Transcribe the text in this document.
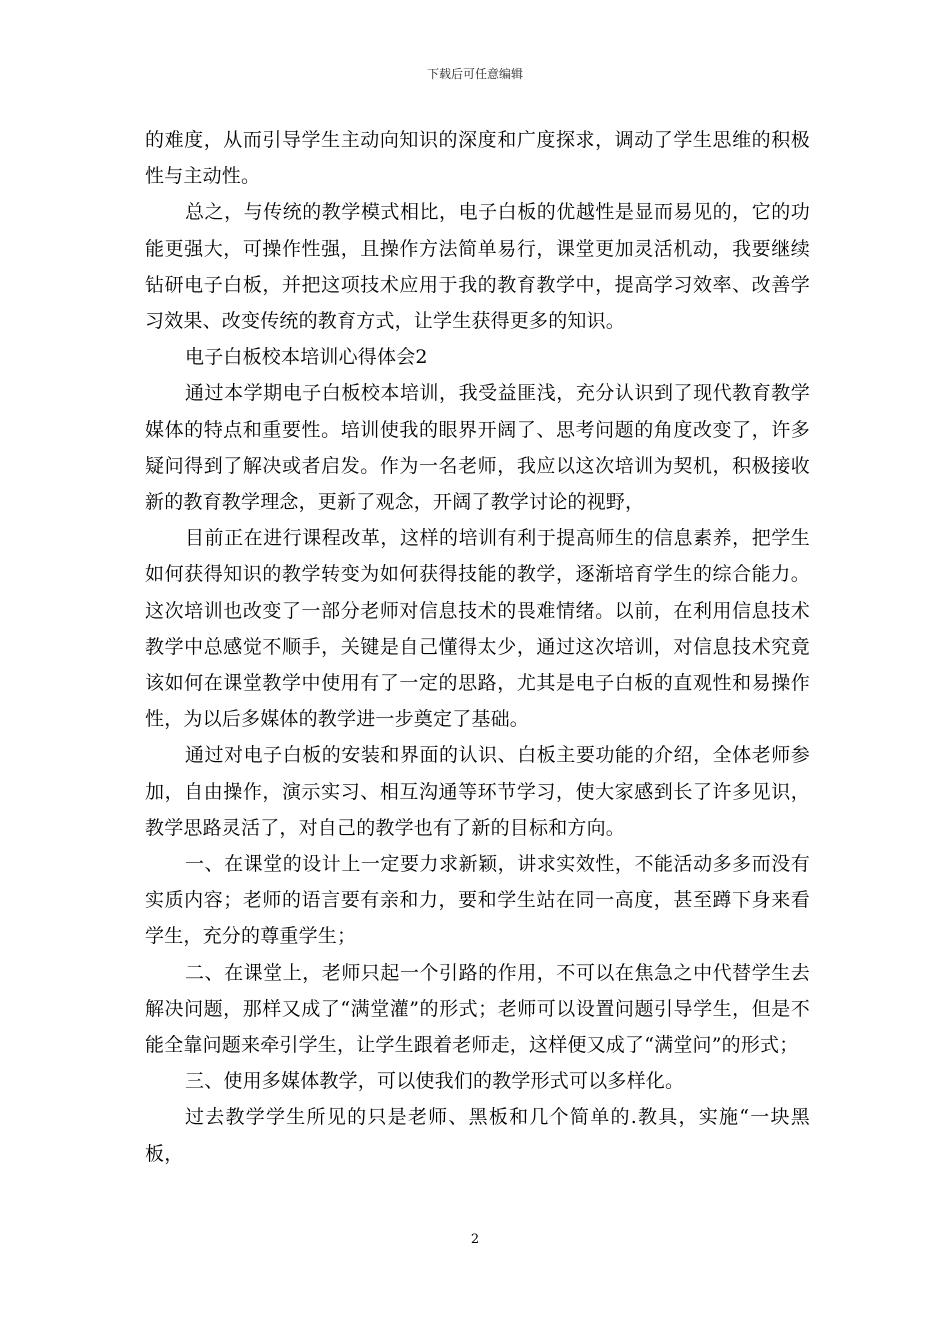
下载后可任意编辑

的难度，从而引导学生主动向知识的深度和广度探求，调动了学生思维的积极性与主动性。

总之，与传统的教学模式相比，电子白板的优越性是显而易见的，它的功能更强大，可操作性强，且操作方法简单易行，课堂更加灵活机动，我要继续钻研电子白板，并把这项技术应用于我的教育教学中，提高学习效率、改善学习效果、改变传统的教育方式，让学生获得更多的知识。

电子白板校本培训心得体会2

通过本学期电子白板校本培训，我受益匪浅，充分认识到了现代教育教学媒体的特点和重要性。培训使我的眼界开阔了、思考问题的角度改变了，许多疑问得到了解决或者启发。作为一名老师，我应以这次培训为契机，积极接收新的教育教学理念，更新了观念，开阔了教学讨论的视野，

目前正在进行课程改革，这样的培训有利于提高师生的信息素养，把学生如何获得知识的教学转变为如何获得技能的教学，逐渐培育学生的综合能力。这次培训也改变了一部分老师对信息技术的畏难情绪。以前，在利用信息技术教学中总感觉不顺手，关键是自己懂得太少，通过这次培训，对信息技术究竟该如何在课堂教学中使用有了一定的思路，尤其是电子白板的直观性和易操作性，为以后多媒体的教学进一步奠定了基础。

通过对电子白板的安装和界面的认识、白板主要功能的介绍，全体老师参加，自由操作，演示实习、相互沟通等环节学习，使大家感到长了许多见识，教学思路灵活了，对自己的教学也有了新的目标和方向。

一、在课堂的设计上一定要力求新颖，讲求实效性，不能活动多多而没有实质内容；老师的语言要有亲和力，要和学生站在同一高度，甚至蹲下身来看学生，充分的尊重学生；

二、在课堂上，老师只起一个引路的作用，不可以在焦急之中代替学生去解决问题，那样又成了“满堂灌”的形式；老师可以设置问题引导学生，但是不能全靠问题来牵引学生，让学生跟着老师走，这样便又成了“满堂问”的形式；

三、使用多媒体教学，可以使我们的教学形式可以多样化。

过去教学学生所见的只是老师、黑板和几个简单的.教具，实施“一块黑板，

2
